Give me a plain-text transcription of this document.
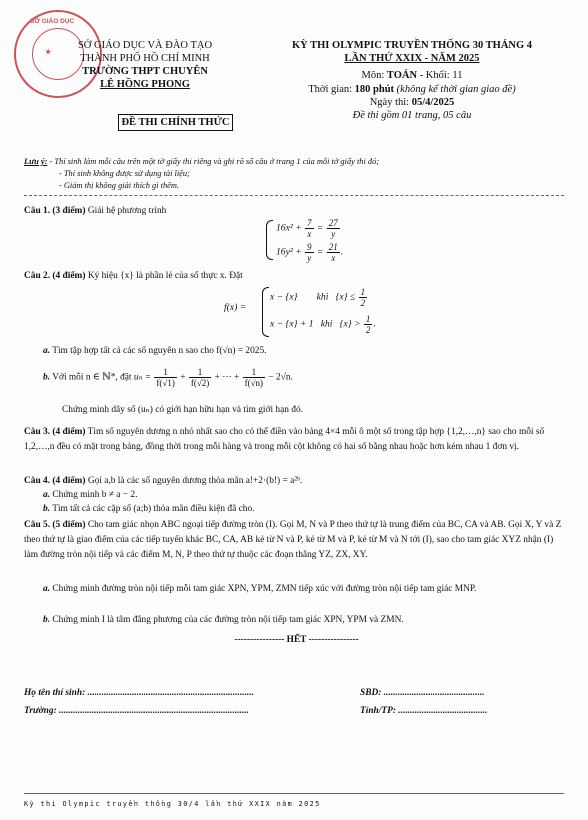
SỞ GIÁO DỤC
★
SỞ GIÁO DỤC VÀ ĐÀO TẠO
THÀNH PHỐ HỒ CHÍ MINH
TRƯỜNG THPT CHUYÊN
LÊ HỒNG PHONG
ĐỀ THI CHÍNH THỨC
KỲ THI OLYMPIC TRUYỀN THỐNG 30 THÁNG 4
LẦN THỨ XXIX - NĂM 2025
Môn: TOÁN - Khối: 11
Thời gian: 180 phút (không kể thời gian giao đề)
Ngày thi: 05/4/2025
Đề thi gồm 01 trang, 05 câu
Lưu ý: - Thí sinh làm mỗi câu trên một tờ giấy thi riêng và ghi rõ số câu ở trang 1 của mỗi tờ giấy thi đó;
- Thí sinh không được sử dụng tài liệu;
- Giám thị không giải thích gì thêm.
Câu 1. (3 điểm) Giải hệ phương trình
$16x^2 + \frac{7}{x} = \frac{27}{y}$
$16y^2 + \frac{9}{y} = \frac{21}{x}$ .
Câu 2. (4 điểm) Ký hiệu {x} là phần lẻ của số thực x. Đặt
f(x) =
x − {x}        khi   $\{x\} \le \frac{1}{2}$
x − {x} + 1   khi   $\{x\} > \frac{1}{2}$ .
a. Tìm tập hợp tất cả các số nguyên n sao cho f(√n) = 2025.
b. Với mỗi n ∈ ℕ*, đặt $u_n = \frac{1}{f(√1)} + \frac{1}{f(√2)}$ + ⋯ + $\frac{1}{f(√n)} - 2√n$.
Chứng minh dãy số (uₙ) có giới hạn hữu hạn và tìm giới hạn đó.
Câu 3. (4 điểm) Tìm số nguyên dương n nhỏ nhất sao cho có thể điền vào bảng 4×4 mỗi ô một số trong tập hợp {1,2,…,n} sao cho mỗi số 1,2,…,n đều có mặt trong bảng, đồng thời trong mỗi hàng và trong mỗi cột không có hai số bằng nhau hoặc hơn kém nhau 1 đơn vị.
Câu 4. (4 điểm) Gọi a,b là các số nguyên dương thỏa mãn a!+2·(b!) = a²ᵇ.
a. Chứng minh b ≠ a − 2.
b. Tìm tất cả các cặp số (a;b) thỏa mãn điều kiện đã cho.
Câu 5. (5 điểm) Cho tam giác nhọn ABC ngoại tiếp đường tròn (I). Gọi M, N và P theo thứ tự là trung điểm của BC, CA và AB. Gọi X, Y và Z theo thứ tự là giao điểm của các tiếp tuyến khác BC, CA, AB kẻ từ N và P, kẻ từ M và P, kẻ từ M và N tới (I), sao cho tam giác XYZ nhận (I) làm đường tròn nội tiếp và các điểm M, N, P theo thứ tự thuộc các đoạn thẳng YZ, ZX, XY.
a. Chứng minh đường tròn nội tiếp mỗi tam giác XPN, YPM, ZMN tiếp xúc với đường tròn nội tiếp tam giác MNP.
b. Chứng minh I là tâm đẳng phương của các đường tròn nội tiếp tam giác XPN, YPM và ZMN.
---------------- HẾT ----------------
Họ tên thí sinh: .......................................................................	SBD: ...........................................
Trường: .................................................................................	Tỉnh/TP: ......................................
Kỳ thi Olympic truyền thống 30/4 lần thứ XXIX năm 2025
